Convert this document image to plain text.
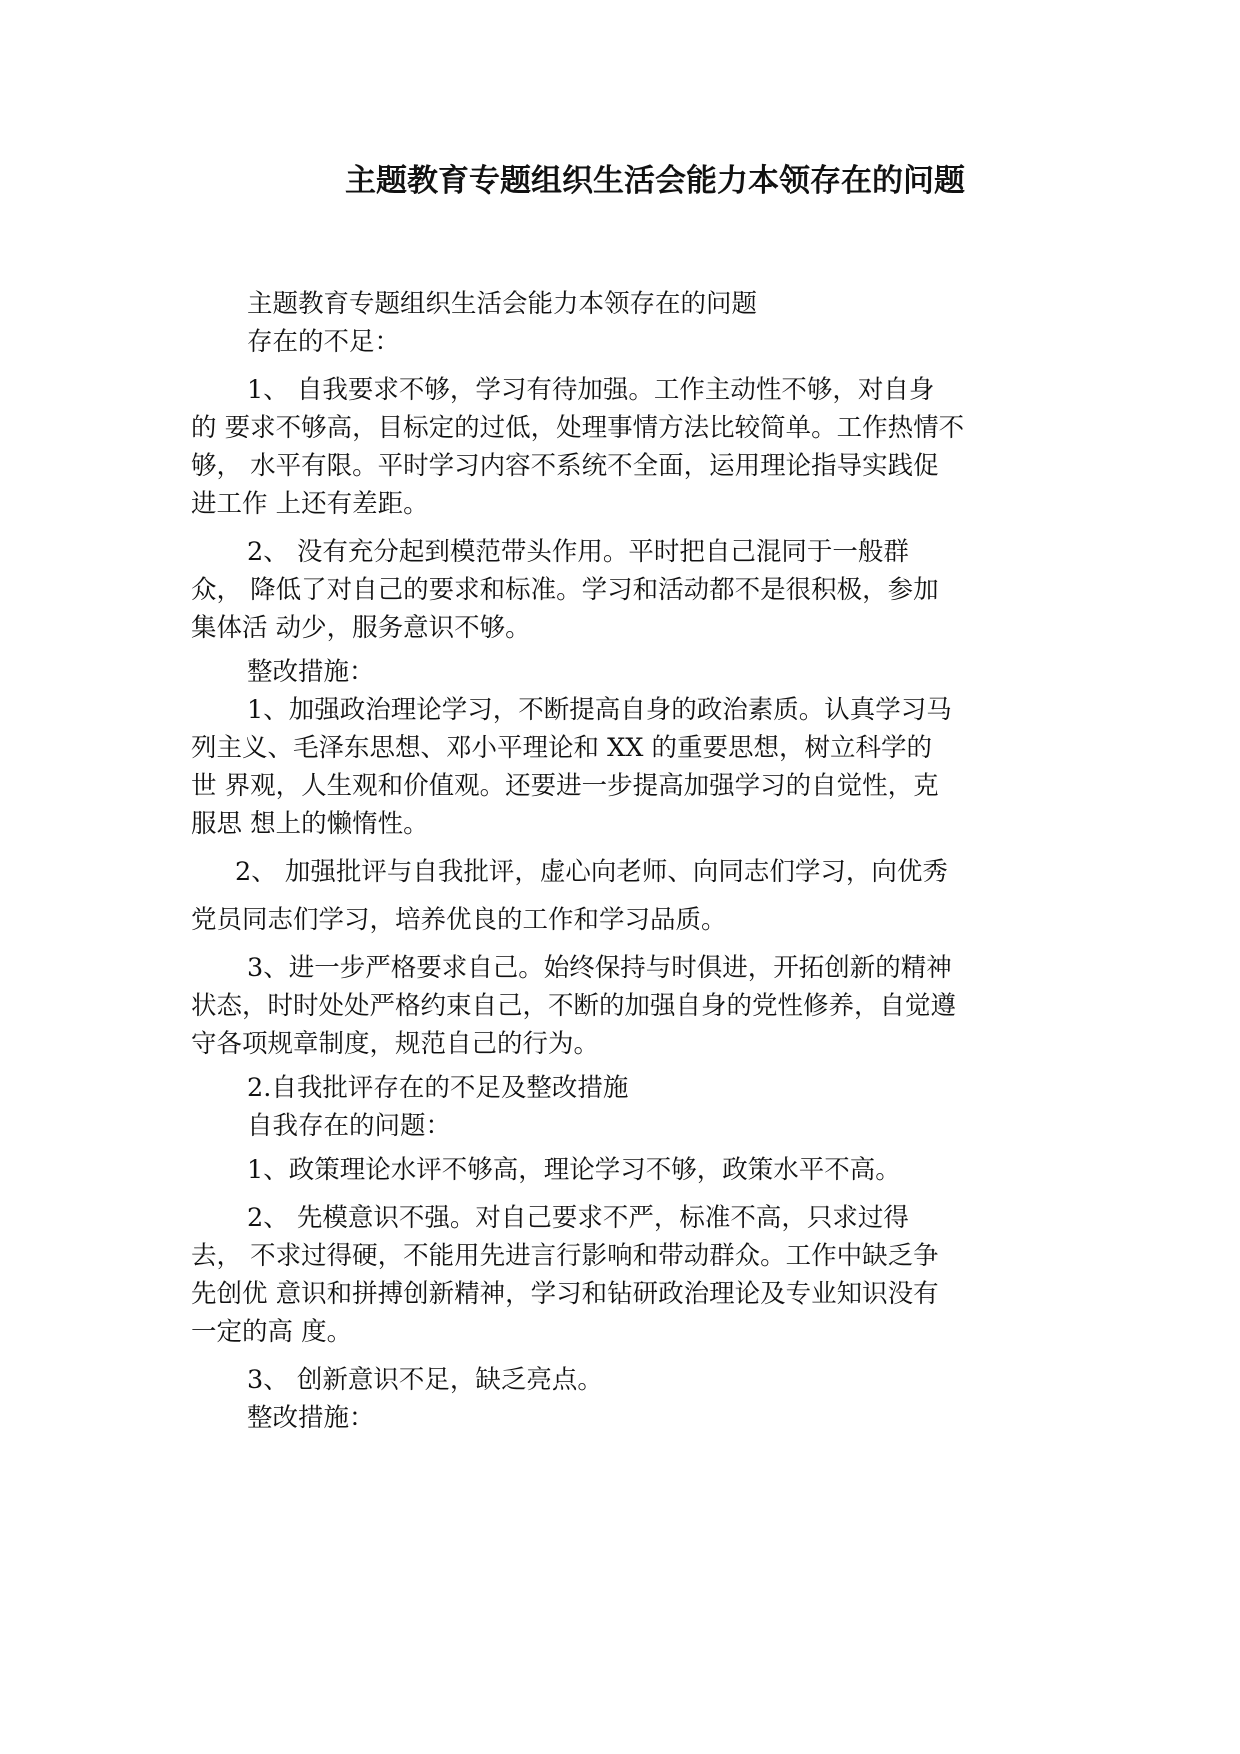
主题教育专题组织生活会能力本领存在的问题
主题教育专题组织生活会能力本领存在的问题
存在的不足：
1、 自我要求不够，学习有待加强。工作主动性不够，对自身
的 要求不够高，目标定的过低，处理事情方法比较简单。工作热情不
够， 水平有限。平时学习内容不系统不全面，运用理论指导实践促
进工作 上还有差距。
2、 没有充分起到模范带头作用。平时把自己混同于一般群
众， 降低了对自己的要求和标准。学习和活动都不是很积极，参加
集体活 动少，服务意识不够。
整改措施：
1、加强政治理论学习，不断提高自身的政治素质。认真学习马
列主义、毛泽东思想、邓小平理论和 XX 的重要思想，树立科学的
世 界观，人生观和价值观。还要进一步提高加强学习的自觉性，克
服思 想上的懒惰性。
2、 加强批评与自我批评，虚心向老师、向同志们学习，向优秀
党员同志们学习，培养优良的工作和学习品质。
3、进一步严格要求自己。始终保持与时俱进，开拓创新的精神
状态，时时处处严格约束自己，不断的加强自身的党性修养，自觉遵
守各项规章制度，规范自己的行为。
2.自我批评存在的不足及整改措施
自我存在的问题：
1、政策理论水评不够高，理论学习不够，政策水平不高。
2、 先模意识不强。对自己要求不严，标准不高，只求过得
去， 不求过得硬，不能用先进言行影响和带动群众。工作中缺乏争
先创优 意识和拼搏创新精神，学习和钻研政治理论及专业知识没有
一定的高 度。
3、 创新意识不足，缺乏亮点。
整改措施：
